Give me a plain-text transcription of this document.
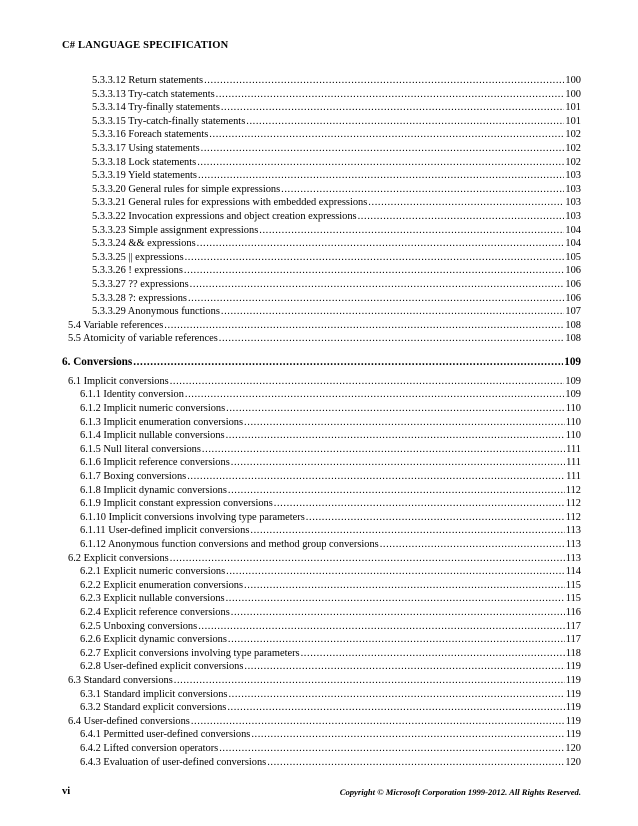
C# LANGUAGE SPECIFICATION
5.3.3.12 Return statements .....	100
5.3.3.13 Try-catch statements .....	100
5.3.3.14 Try-finally statements .....	101
5.3.3.15 Try-catch-finally statements .....	101
5.3.3.16 Foreach statements .....	102
5.3.3.17 Using statements .....	102
5.3.3.18 Lock statements .....	102
5.3.3.19 Yield statements .....	103
5.3.3.20 General rules for simple expressions .....	103
5.3.3.21 General rules for expressions with embedded expressions .....	103
5.3.3.22 Invocation expressions and object creation expressions .....	103
5.3.3.23 Simple assignment expressions .....	104
5.3.3.24 && expressions .....	104
5.3.3.25 || expressions .....	105
5.3.3.26 ! expressions .....	106
5.3.3.27 ?? expressions .....	106
5.3.3.28 ?: expressions .....	106
5.3.3.29 Anonymous functions .....	107
5.4 Variable references .....	108
5.5 Atomicity of variable references .....	108
6. Conversions .....	109
6.1 Implicit conversions .....	109
6.1.1 Identity conversion .....	109
6.1.2 Implicit numeric conversions .....	110
6.1.3 Implicit enumeration conversions .....	110
6.1.4 Implicit nullable conversions .....	110
6.1.5 Null literal conversions .....	111
6.1.6 Implicit reference conversions .....	111
6.1.7 Boxing conversions .....	111
6.1.8 Implicit dynamic conversions .....	112
6.1.9 Implicit constant expression conversions .....	112
6.1.10 Implicit conversions involving type parameters .....	112
6.1.11 User-defined implicit conversions .....	113
6.1.12 Anonymous function conversions and method group conversions .....	113
6.2 Explicit conversions .....	113
6.2.1 Explicit numeric conversions .....	114
6.2.2 Explicit enumeration conversions .....	115
6.2.3 Explicit nullable conversions .....	115
6.2.4 Explicit reference conversions .....	116
6.2.5 Unboxing conversions .....	117
6.2.6 Explicit dynamic conversions .....	117
6.2.7 Explicit conversions involving type parameters .....	118
6.2.8 User-defined explicit conversions .....	119
6.3 Standard conversions .....	119
6.3.1 Standard implicit conversions .....	119
6.3.2 Standard explicit conversions .....	119
6.4 User-defined conversions .....	119
6.4.1 Permitted user-defined conversions .....	119
6.4.2 Lifted conversion operators .....	120
6.4.3 Evaluation of user-defined conversions .....	120
vi	Copyright © Microsoft Corporation 1999-2012. All Rights Reserved.
